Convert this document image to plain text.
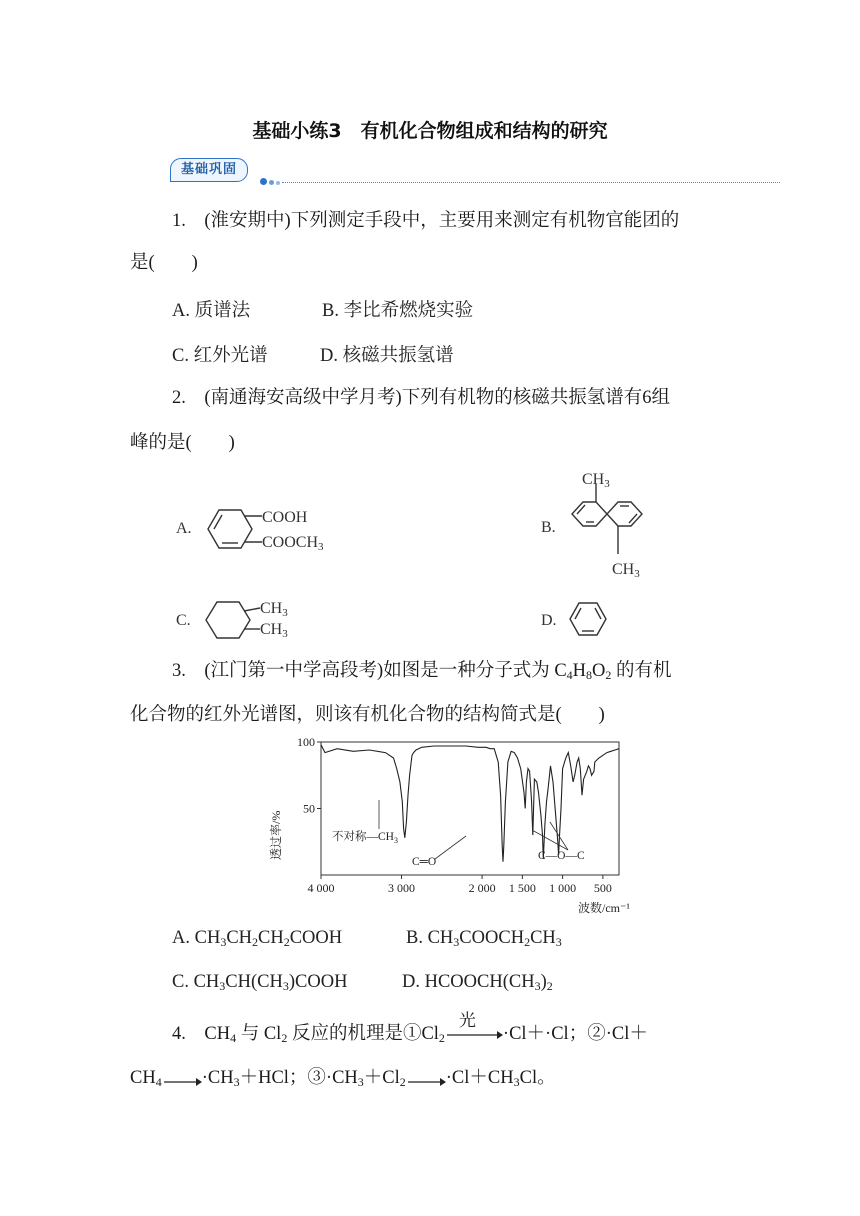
基础小练3　有机化合物组成和结构的研究
基础巩固
1.　(淮安期中)下列测定手段中，主要用来测定有机物官能团的
是(　　)
A. 质谱法	B. 李比希燃烧实验
C. 红外光谱	D. 核磁共振氢谱
2.　(南通海安高级中学月考)下列有机物的核磁共振氢谱有6组
峰的是(　　)
A.
COOH
COOCH3
B.
CH3
CH3
C.
CH3
CH3
D.
3.　(江门第一中学高段考)如图是一种分子式为 $C_4H_8O_2$ 的有机
化合物的红外光谱图，则该有机化合物的结构简式是(　　)
100
50
4 000	3 000	2 000 1 500 1 000 500
透过率/%
波数/cm⁻¹
不对称$—CH_3$
C═O	C—O—C
A. $CH_3CH_2CH_2COOH$	B. $CH_3COOCH_2CH_3$
C. $CH_3CH(CH_3)COOH$	D. $HCOOCH(CH_3)_2$
4.　$CH_4$ 与 $Cl_2$ 反应的机理是$①Cl_2$
光
·Cl＋·Cl；②·Cl＋
$CH_4 \cdot CH_3+HCl$；$③\cdot CH_3+Cl_2 \cdot Cl+CH_3Cl$。
